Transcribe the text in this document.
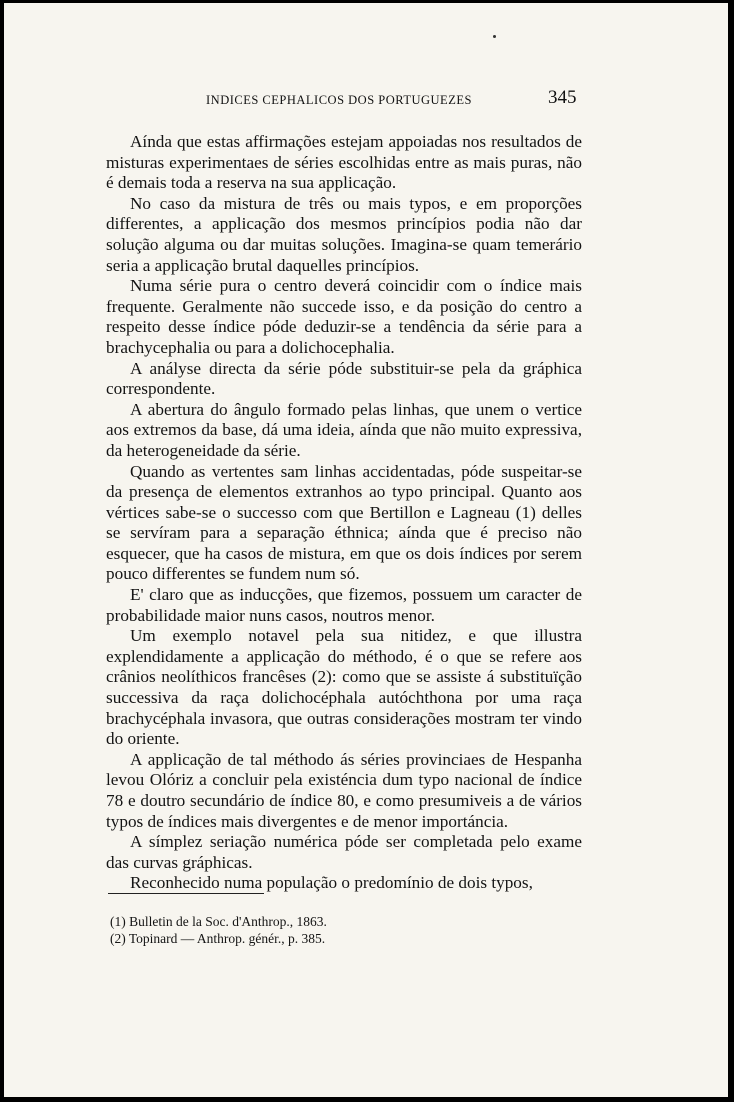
INDICES CEPHALICOS DOS PORTUGUEZES	345

Aínda que estas affirmações estejam appoiadas nos resultados de misturas experimentaes de séries escolhidas entre as mais puras, não é demais toda a reserva na sua applicação.

No caso da mistura de três ou mais typos, e em proporções differentes, a applicação dos mesmos princípios podia não dar solução alguma ou dar muitas soluções. Imagina-se quam temerário seria a applicação brutal daquelles princípios.

Numa série pura o centro deverá coincidir com o índice mais frequente. Geralmente não succede isso, e da posição do centro a respeito desse índice póde deduzir-se a tendência da série para a brachycephalia ou para a dolichocephalia.

A anályse directa da série póde substituir-se pela da gráphica correspondente.

A abertura do ângulo formado pelas linhas, que unem o vertice aos extremos da base, dá uma ideia, aínda que não muito expressiva, da heterogeneidade da série.

Quando as vertentes sam linhas accidentadas, póde suspeitar-se da presença de elementos extranhos ao typo principal. Quanto aos vértices sabe-se o successo com que Bertillon e Lagneau (1) delles se servíram para a separação éthnica; aínda que é preciso não esquecer, que ha casos de mistura, em que os dois índices por serem pouco differentes se fundem num só.

E' claro que as inducções, que fizemos, possuem um caracter de probabilidade maior nuns casos, noutros menor.

Um exemplo notavel pela sua nitidez, e que illustra explendidamente a applicação do méthodo, é o que se refere aos crânios neolíthicos francêses (2): como que se assiste á substituïção successiva da raça dolichocéphala autóchthona por uma raça brachycéphala invasora, que outras considerações mostram ter vindo do oriente.

A applicação de tal méthodo ás séries provinciaes de Hespanha levou Olóriz a concluir pela existéncia dum typo nacional de índice 78 e doutro secundário de índice 80, e como presumiveis a de vários typos de índices mais divergentes e de menor importáncia.

A símplez seriação numérica póde ser completada pelo exame das curvas gráphicas.

Reconhecido numa população o predomínio de dois typos,

(1) Bulletin de la Soc. d'Anthrop., 1863.

(2) Topinard — Anthrop. génér., p. 385.
